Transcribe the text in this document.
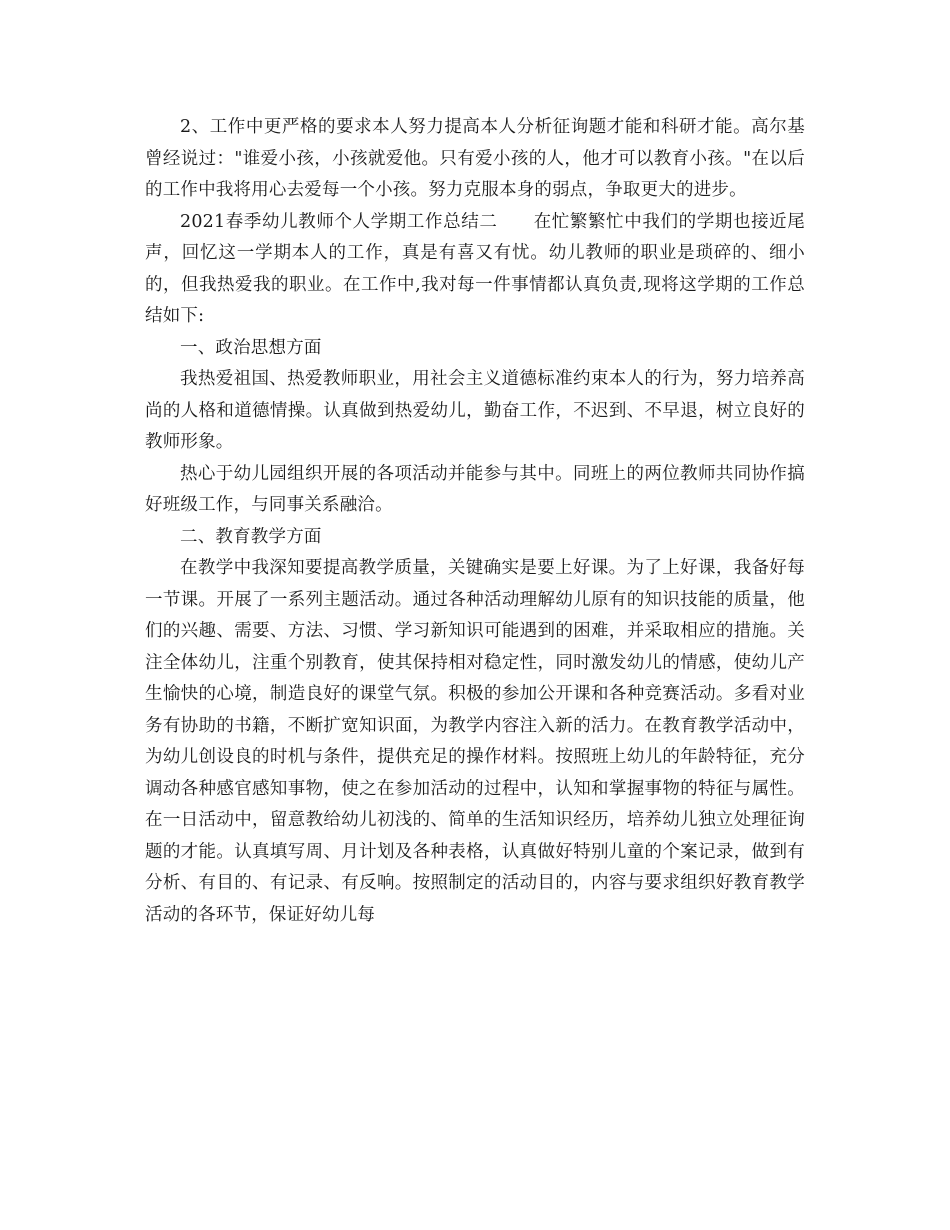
2、工作中更严格的要求本人努力提高本人分析征询题才能和科研才能。高尔基曾经说过："谁爱小孩，小孩就爱他。只有爱小孩的人，他才可以教育小孩。"在以后的工作中我将用心去爱每一个小孩。努力克服本身的弱点，争取更大的进步。

2021春季幼儿教师个人学期工作总结二　　在忙繁繁忙中我们的学期也接近尾声，回忆这一学期本人的工作，真是有喜又有忧。幼儿教师的职业是琐碎的、细小的，但我热爱我的职业。在工作中,我对每一件事情都认真负责,现将这学期的工作总结如下:

一、政治思想方面

我热爱祖国、热爱教师职业，用社会主义道德标准约束本人的行为，努力培养高尚的人格和道德情操。认真做到热爱幼儿，勤奋工作，不迟到、不早退，树立良好的教师形象。

热心于幼儿园组织开展的各项活动并能参与其中。同班上的两位教师共同协作搞好班级工作，与同事关系融洽。

二、教育教学方面

在教学中我深知要提高教学质量，关键确实是要上好课。为了上好课，我备好每一节课。开展了一系列主题活动。通过各种活动理解幼儿原有的知识技能的质量，他们的兴趣、需要、方法、习惯、学习新知识可能遇到的困难，并采取相应的措施。关注全体幼儿，注重个别教育，使其保持相对稳定性，同时激发幼儿的情感，使幼儿产生愉快的心境，制造良好的课堂气氛。积极的参加公开课和各种竞赛活动。多看对业务有协助的书籍，不断扩宽知识面，为教学内容注入新的活力。在教育教学活动中，为幼儿创设良的时机与条件，提供充足的操作材料。按照班上幼儿的年龄特征，充分调动各种感官感知事物，使之在参加活动的过程中，认知和掌握事物的特征与属性。在一日活动中，留意教给幼儿初浅的、简单的生活知识经历，培养幼儿独立处理征询题的才能。认真填写周、月计划及各种表格，认真做好特别儿童的个案记录，做到有分析、有目的、有记录、有反响。按照制定的活动目的，内容与要求组织好教育教学活动的各环节，保证好幼儿每
